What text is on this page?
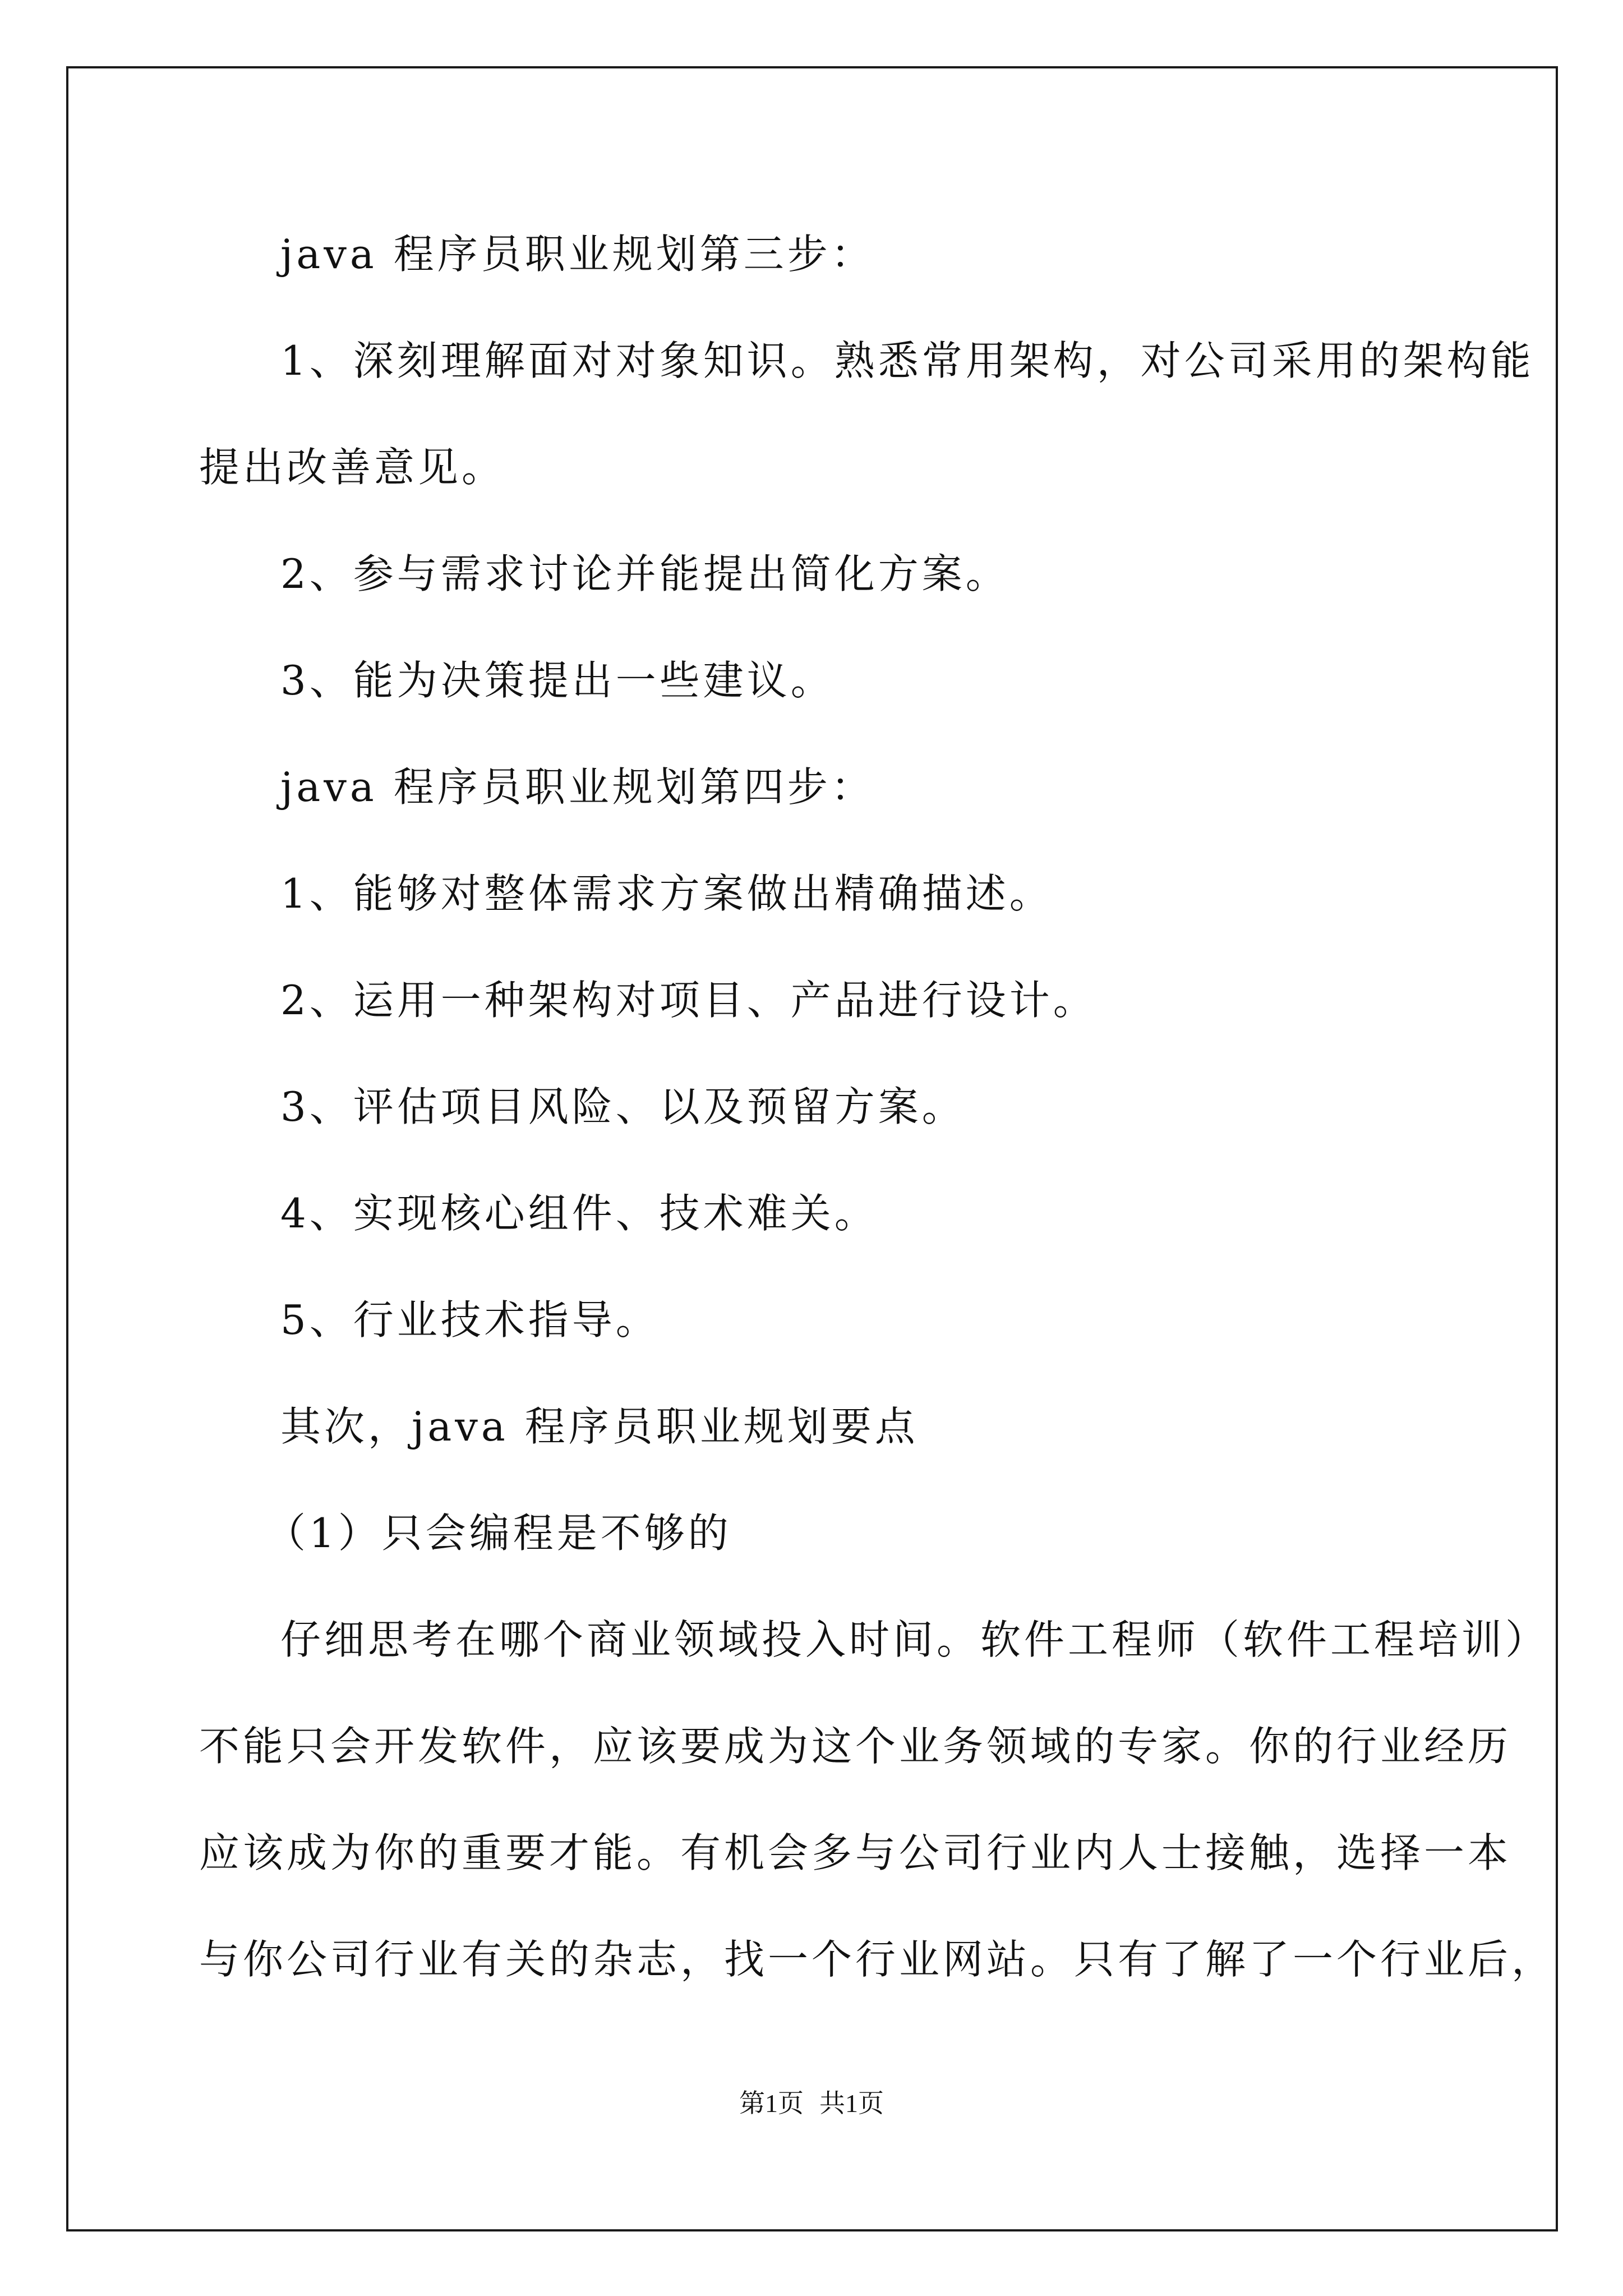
java 程序员职业规划第三步：
1、深刻理解面对对象知识。熟悉常用架构，对公司采用的架构能
提出改善意见。
2、参与需求讨论并能提出简化方案。
3、能为决策提出一些建议。
java 程序员职业规划第四步：
1、能够对整体需求方案做出精确描述。
2、运用一种架构对项目、产品进行设计。
3、评估项目风险、以及预留方案。
4、实现核心组件、技术难关。
5、行业技术指导。
其次，java 程序员职业规划要点
（1）只会编程是不够的
仔细思考在哪个商业领域投入时间。软件工程师（软件工程培训）
不能只会开发软件，应该要成为这个业务领域的专家。你的行业经历
应该成为你的重要才能。有机会多与公司行业内人士接触，选择一本
与你公司行业有关的杂志，找一个行业网站。只有了解了一个行业后，
第1页 共1页
